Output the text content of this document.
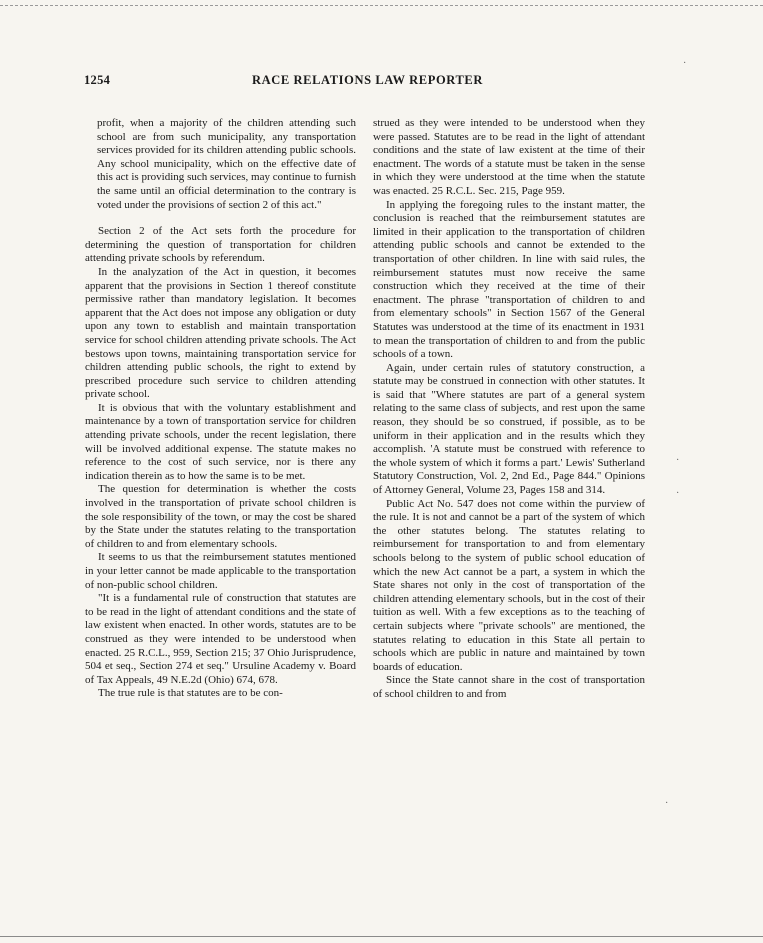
1254	RACE RELATIONS LAW REPORTER

profit, when a majority of the children attending such school are from such municipality, any transportation services provided for its children attending public schools. Any school municipality, which on the effective date of this act is providing such services, may continue to furnish the same until an official determination to the contrary is voted under the provisions of section 2 of this act."

Section 2 of the Act sets forth the procedure for determining the question of transportation for children attending private schools by referendum.

In the analyzation of the Act in question, it becomes apparent that the provisions in Section 1 thereof constitute permissive rather than mandatory legislation. It becomes apparent that the Act does not impose any obligation or duty upon any town to establish and maintain transportation service for school children attending private schools. The Act bestows upon towns, maintaining transportation service for children attending public schools, the right to extend by prescribed procedure such service to children attending private school.

It is obvious that with the voluntary establishment and maintenance by a town of transportation service for children attending private schools, under the recent legislation, there will be involved additional expense. The statute makes no reference to the cost of such service, nor is there any indication therein as to how the same is to be met.

The question for determination is whether the costs involved in the transportation of private school children is the sole responsibility of the town, or may the cost be shared by the State under the statutes relating to the transportation of children to and from elementary schools.

It seems to us that the reimbursement statutes mentioned in your letter cannot be made applicable to the transportation of non-public school children.

"It is a fundamental rule of construction that statutes are to be read in the light of attendant conditions and the state of law existent when enacted. In other words, statutes are to be construed as they were intended to be understood when enacted. 25 R.C.L., 959, Section 215; 37 Ohio Jurisprudence, 504 et seq., Section 274 et seq." Ursuline Academy v. Board of Tax Appeals, 49 N.E.2d (Ohio) 674, 678.

The true rule is that statutes are to be con-

strued as they were intended to be understood when they were passed. Statutes are to be read in the light of attendant conditions and the state of law existent at the time of their enactment. The words of a statute must be taken in the sense in which they were understood at the time when the statute was enacted. 25 R.C.L. Sec. 215, Page 959.

In applying the foregoing rules to the instant matter, the conclusion is reached that the reimbursement statutes are limited in their application to the transportation of children attending public schools and cannot be extended to the transportation of other children. In line with said rules, the reimbursement statutes must now receive the same construction which they received at the time of their enactment. The phrase "transportation of children to and from elementary schools" in Section 1567 of the General Statutes was understood at the time of its enactment in 1931 to mean the transportation of children to and from the public schools of a town.

Again, under certain rules of statutory construction, a statute may be construed in connection with other statutes. It is said that "Where statutes are part of a general system relating to the same class of subjects, and rest upon the same reason, they should be so construed, if possible, as to be uniform in their application and in the results which they accomplish. 'A statute must be construed with reference to the whole system of which it forms a part.' Lewis' Sutherland Statutory Construction, Vol. 2, 2nd Ed., Page 844." Opinions of Attorney General, Volume 23, Pages 158 and 314.

Public Act No. 547 does not come within the purview of the rule. It is not and cannot be a part of the system of which the other statutes belong. The statutes relating to reimbursement for transportation to and from elementary schools belong to the system of public school education of which the new Act cannot be a part, a system in which the State shares not only in the cost of transportation of the children attending elementary schools, but in the cost of their tuition as well. With a few exceptions as to the teaching of certain subjects where "private schools" are mentioned, the statutes relating to education in this State all pertain to schools which are public in nature and maintained by town boards of education.

Since the State cannot share in the cost of transportation of school children to and from

·
·
·
·
